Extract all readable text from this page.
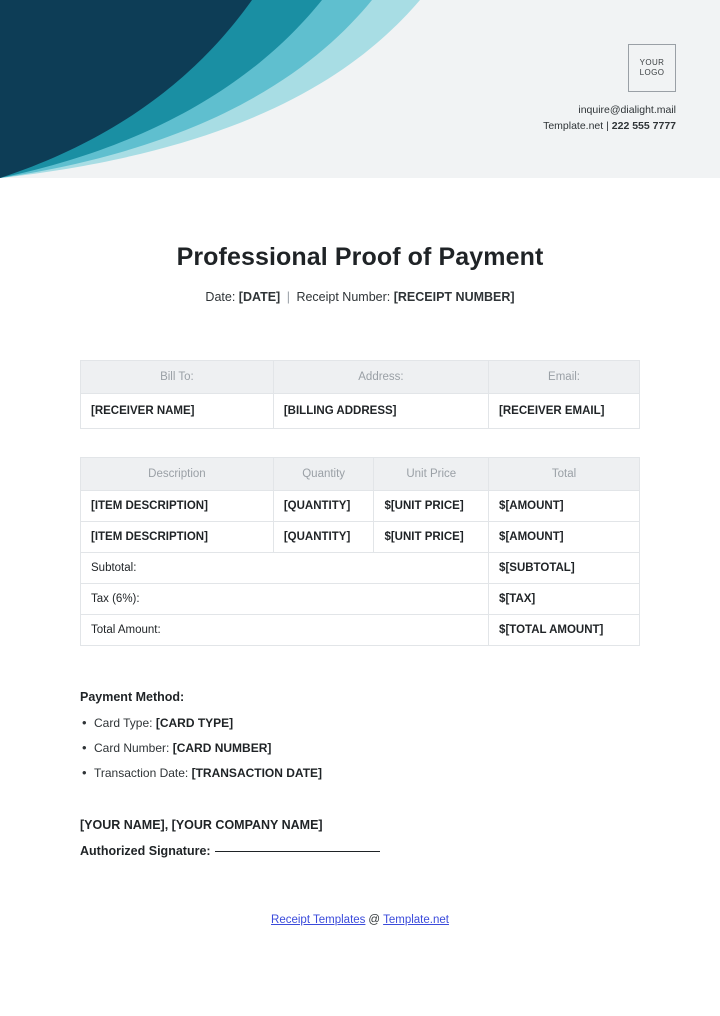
YOUR
LOGO
inquire@dialight.mail
Template.net | 222 555 7777
Professional Proof of Payment
Date: [DATE] | Receipt Number: [RECEIPT NUMBER]
Bill To:	Address:	Email:
[RECEIVER NAME]	[BILLING ADDRESS]	[RECEIVER EMAIL]
Description	Quantity	Unit Price	Total
[ITEM DESCRIPTION]	[QUANTITY]	$[UNIT PRICE]	$[AMOUNT]
[ITEM DESCRIPTION]	[QUANTITY]	$[UNIT PRICE]	$[AMOUNT]
Subtotal:			$[SUBTOTAL]
Tax (6%):			$[TAX]
Total Amount:			$[TOTAL AMOUNT]
Payment Method:
• Card Type: [CARD TYPE]
• Card Number: [CARD NUMBER]
• Transaction Date: [TRANSACTION DATE]
[YOUR NAME], [YOUR COMPANY NAME]
Authorized Signature:
Receipt Templates @ Template.net
